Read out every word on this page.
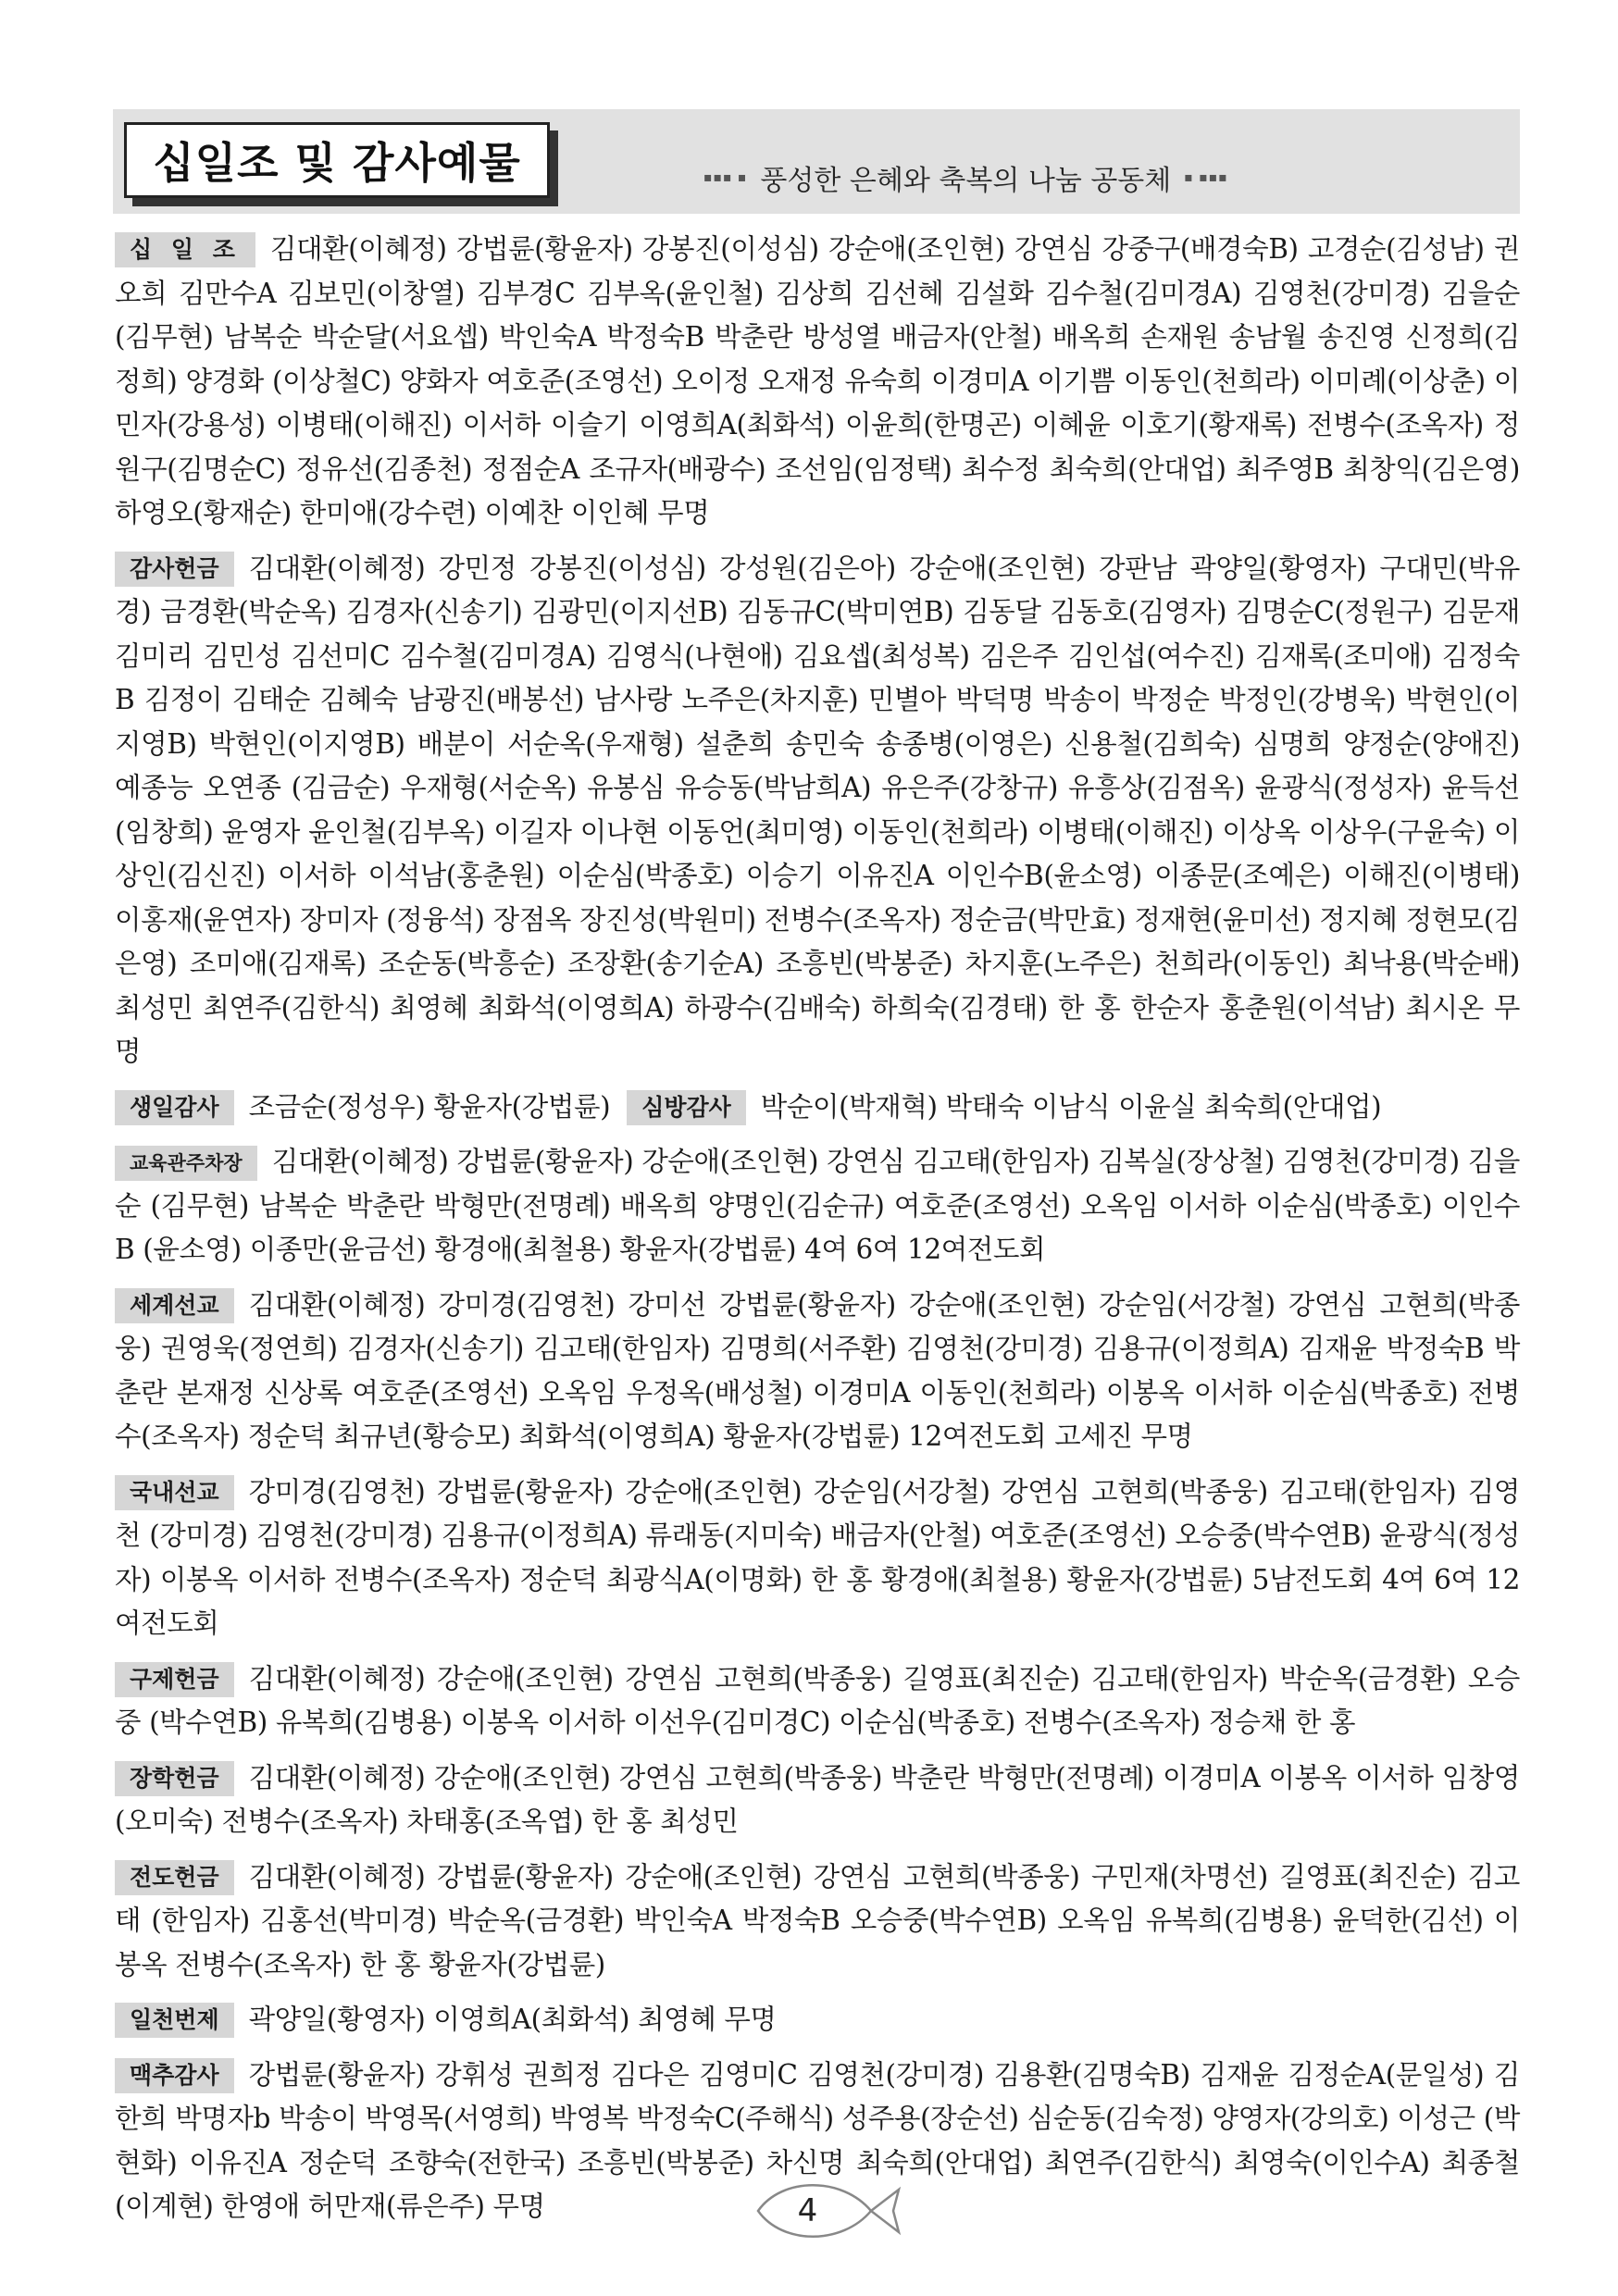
십일조 및 감사예물	▪▪▪ ▪ 풍성한 은혜와 축복의 나눔 공동체 ▪ ▪▪▪
십 일 조 김대환(이혜정) 강법륜(황윤자) 강봉진(이성심) 강순애(조인현) 강연심 강중구(배경숙B) 고경순(김성남) 권오희 김만수A 김보민(이창열) 김부경C 김부옥(윤인철) 김상희 김선혜 김설화 김수철(김미경A) 김영천(강미경) 김을순(김무현) 남복순 박순달(서요셉) 박인숙A 박정숙B 박춘란 방성열 배금자(안철) 배옥희 손재원 송남월 송진영 신정희(김정희) 양경화 (이상철C) 양화자 여호준(조영선) 오이정 오재정 유숙희 이경미A 이기쁨 이동인(천희라) 이미례(이상춘) 이민자(강용성) 이병태(이해진) 이서하 이슬기 이영희A(최화석) 이윤희(한명곤) 이혜윤 이호기(황재록) 전병수(조옥자) 정원구(김명순C) 정유선(김종천) 정점순A 조규자(배광수) 조선임(임정택) 최수정 최숙희(안대업) 최주영B 최창익(김은영) 하영오(황재순) 한미애(강수련) 이예찬 이인혜 무명
감사헌금 김대환(이혜정) 강민정 강봉진(이성심) 강성원(김은아) 강순애(조인현) 강판남 곽양일(황영자) 구대민(박유경) 금경환(박순옥) 김경자(신송기) 김광민(이지선B) 김동규C(박미연B) 김동달 김동호(김영자) 김명순C(정원구) 김문재 김미리 김민성 김선미C 김수철(김미경A) 김영식(나현애) 김요셉(최성복) 김은주 김인섭(여수진) 김재록(조미애) 김정숙B 김정이 김태순 김혜숙 남광진(배봉선) 남사랑 노주은(차지훈) 민별아 박덕명 박송이 박정순 박정인(강병욱) 박현인(이지영B) 박현인(이지영B) 배분이 서순옥(우재형) 설춘희 송민숙 송종병(이영은) 신용철(김희숙) 심명희 양정순(양애진) 예종능 오연종 (김금순) 우재형(서순옥) 유봉심 유승동(박남희A) 유은주(강창규) 유흥상(김점옥) 윤광식(정성자) 윤득선(임창희) 윤영자 윤인철(김부옥) 이길자 이나현 이동언(최미영) 이동인(천희라) 이병태(이해진) 이상옥 이상우(구윤숙) 이상인(김신진) 이서하 이석남(홍춘원) 이순심(박종호) 이승기 이유진A 이인수B(윤소영) 이종문(조예은) 이해진(이병태) 이홍재(윤연자) 장미자 (정융석) 장점옥 장진성(박원미) 전병수(조옥자) 정순금(박만효) 정재현(윤미선) 정지혜 정현모(김은영) 조미애(김재록) 조순동(박흥순) 조장환(송기순A) 조흥빈(박봉준) 차지훈(노주은) 천희라(이동인) 최낙용(박순배) 최성민 최연주(김한식) 최영혜 최화석(이영희A) 하광수(김배숙) 하희숙(김경태) 한 홍 한순자 홍춘원(이석남) 최시온 무명
생일감사 조금순(정성우) 황윤자(강법륜) 심방감사 박순이(박재혁) 박태숙 이남식 이윤실 최숙희(안대업)
교육관주차장 김대환(이혜정) 강법륜(황윤자) 강순애(조인현) 강연심 김고태(한임자) 김복실(장상철) 김영천(강미경) 김을순 (김무현) 남복순 박춘란 박형만(전명례) 배옥희 양명인(김순규) 여호준(조영선) 오옥임 이서하 이순심(박종호) 이인수B (윤소영) 이종만(윤금선) 황경애(최철용) 황윤자(강법륜) 4여 6여 12여전도회
세계선교 김대환(이혜정) 강미경(김영천) 강미선 강법륜(황윤자) 강순애(조인현) 강순임(서강철) 강연심 고현희(박종웅) 권영욱(정연희) 김경자(신송기) 김고태(한임자) 김명희(서주환) 김영천(강미경) 김용규(이정희A) 김재윤 박정숙B 박춘란 본재정 신상록 여호준(조영선) 오옥임 우정옥(배성철) 이경미A 이동인(천희라) 이봉옥 이서하 이순심(박종호) 전병수(조옥자) 정순덕 최규년(황승모) 최화석(이영희A) 황윤자(강법륜) 12여전도회 고세진 무명
국내선교 강미경(김영천) 강법륜(황윤자) 강순애(조인현) 강순임(서강철) 강연심 고현희(박종웅) 김고태(한임자) 김영천 (강미경) 김영천(강미경) 김용규(이정희A) 류래동(지미숙) 배금자(안철) 여호준(조영선) 오승중(박수연B) 윤광식(정성자) 이봉옥 이서하 전병수(조옥자) 정순덕 최광식A(이명화) 한 홍 황경애(최철용) 황윤자(강법륜) 5남전도회 4여 6여 12여전도회
구제헌금 김대환(이혜정) 강순애(조인현) 강연심 고현희(박종웅) 길영표(최진순) 김고태(한임자) 박순옥(금경환) 오승중 (박수연B) 유복희(김병용) 이봉옥 이서하 이선우(김미경C) 이순심(박종호) 전병수(조옥자) 정승채 한 홍
장학헌금 김대환(이혜정) 강순애(조인현) 강연심 고현희(박종웅) 박춘란 박형만(전명례) 이경미A 이봉옥 이서하 임창영 (오미숙) 전병수(조옥자) 차태홍(조옥엽) 한 홍 최성민
전도헌금 김대환(이혜정) 강법륜(황윤자) 강순애(조인현) 강연심 고현희(박종웅) 구민재(차명선) 길영표(최진순) 김고태 (한임자) 김홍선(박미경) 박순옥(금경환) 박인숙A 박정숙B 오승중(박수연B) 오옥임 유복희(김병용) 윤덕한(김선) 이봉옥 전병수(조옥자) 한 홍 황윤자(강법륜)
일천번제 곽양일(황영자) 이영희A(최화석) 최영혜 무명
맥추감사 강법륜(황윤자) 강휘성 권희정 김다은 김영미C 김영천(강미경) 김용환(김명숙B) 김재윤 김정순A(문일성) 김한희 박명자b 박송이 박영목(서영희) 박영복 박정숙C(주해식) 성주용(장순선) 심순동(김숙정) 양영자(강의호) 이성근 (박현화) 이유진A 정순덕 조향숙(전한국) 조흥빈(박봉준) 차신명 최숙희(안대업) 최연주(김한식) 최영숙(이인수A) 최종철 (이계현) 한영애 허만재(류은주) 무명	4
